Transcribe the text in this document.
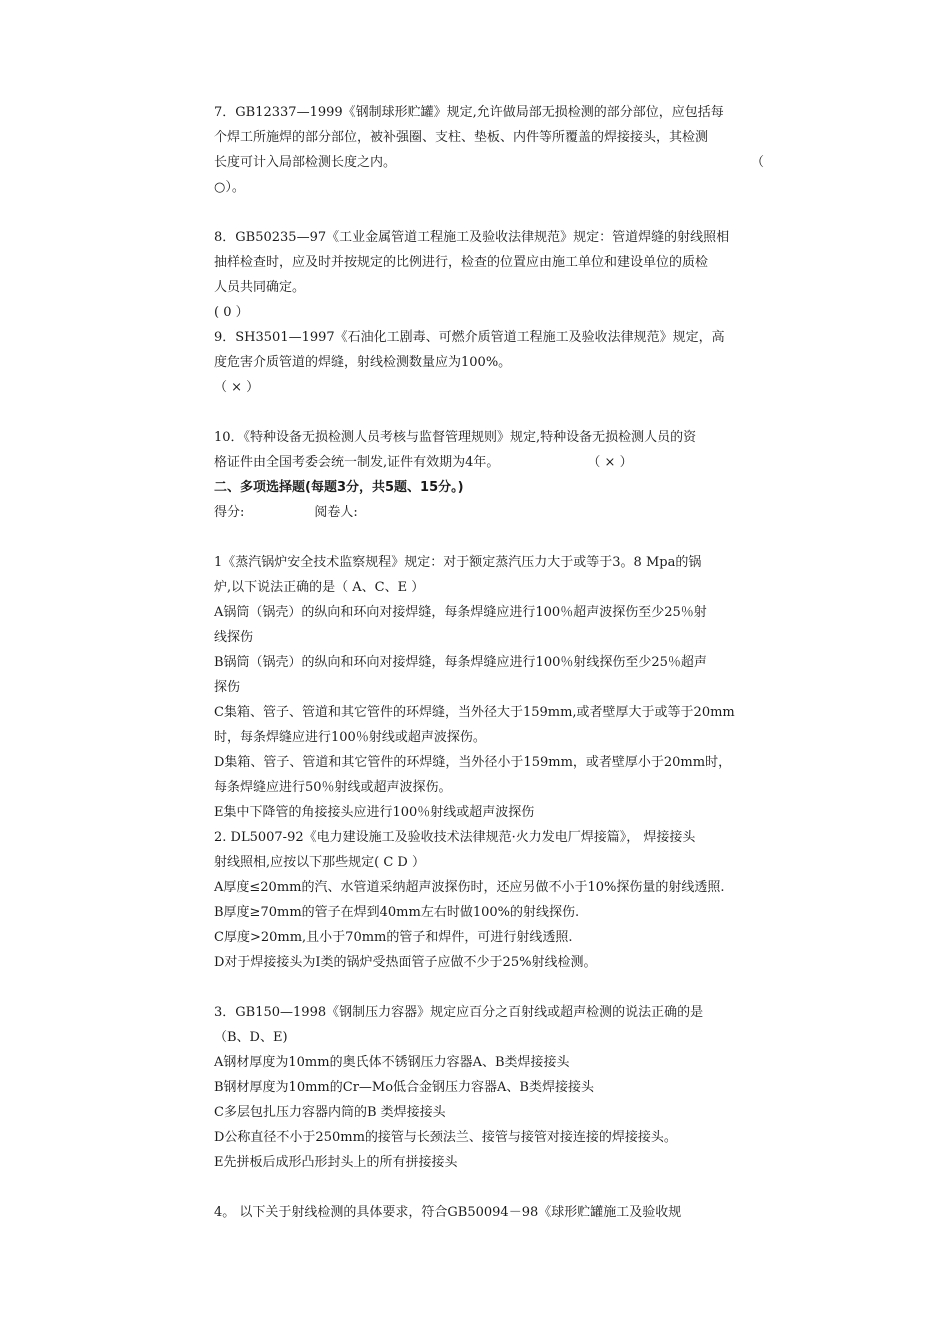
7．GB12337—1999《钢制球形贮罐》规定,允许做局部无损检测的部分部位，应包括每

个焊工所施焊的部分部位，被补强圈、支柱、垫板、内件等所覆盖的焊接接头，其检测

长度可计入局部检测长度之内。	（

○）。

8．GB50235—97《工业金属管道工程施工及验收法律规范》规定：管道焊缝的射线照相

抽样检查时，应及时并按规定的比例进行，检查的位置应由施工单位和建设单位的质检

人员共同确定。

( 0 ）

9．SH3501—1997《石油化工剧毒、可燃介质管道工程施工及验收法律规范》规定，高

度危害介质管道的焊缝，射线检测数量应为100%。

（ × ）

10．《特种设备无损检测人员考核与监督管理规则》规定,特种设备无损检测人员的资

格证件由全国考委会统一制发,证件有效期为4年。	（ × ）

二、多项选择题(每题3分，共5题、15分。)

得分:	阅卷人:

1《蒸汽锅炉安全技术监察规程》规定：对于额定蒸汽压力大于或等于3。8 Mpa的锅

炉,以下说法正确的是（ A、C、E ）

A锅筒（锅壳）的纵向和环向对接焊缝，每条焊缝应进行100％超声波探伤至少25％射

线探伤

B锅筒（锅壳）的纵向和环向对接焊缝，每条焊缝应进行100％射线探伤至少25％超声

探伤

C集箱、管子、管道和其它管件的环焊缝，当外径大于159mm,或者壁厚大于或等于20mm

时，每条焊缝应进行100％射线或超声波探伤。

D集箱、管子、管道和其它管件的环焊缝，当外径小于159mm，或者壁厚小于20mm时，

每条焊缝应进行50％射线或超声波探伤。

E集中下降管的角接接头应进行100％射线或超声波探伤

2. DL5007-92《电力建设施工及验收技术法律规范·火力发电厂焊接篇》， 焊接接头

射线照相,应按以下那些规定( C D ）

A厚度≤20mm的汽、水管道采纳超声波探伤时，还应另做不小于10%探伤量的射线透照.

B厚度≥70mm的管子在焊到40mm左右时做100%的射线探伤.

C厚度>20mm,且小于70mm的管子和焊件，可进行射线透照.

D对于焊接接头为Ⅰ类的锅炉受热面管子应做不少于25%射线检测。

3．GB150—1998《钢制压力容器》规定应百分之百射线或超声检测的说法正确的是

（B、D、E)

A钢材厚度为10mm的奥氏体不锈钢压力容器A、B类焊接接头

B钢材厚度为10mm的Cr—Mo低合金钢压力容器A、B类焊接接头

C多层包扎压力容器内筒的B 类焊接接头

D公称直径不小于250mm的接管与长颈法兰、接管与接管对接连接的焊接接头。

E先拼板后成形凸形封头上的所有拼接接头

4。 以下关于射线检测的具体要求，符合GB50094－98《球形贮罐施工及验收规
